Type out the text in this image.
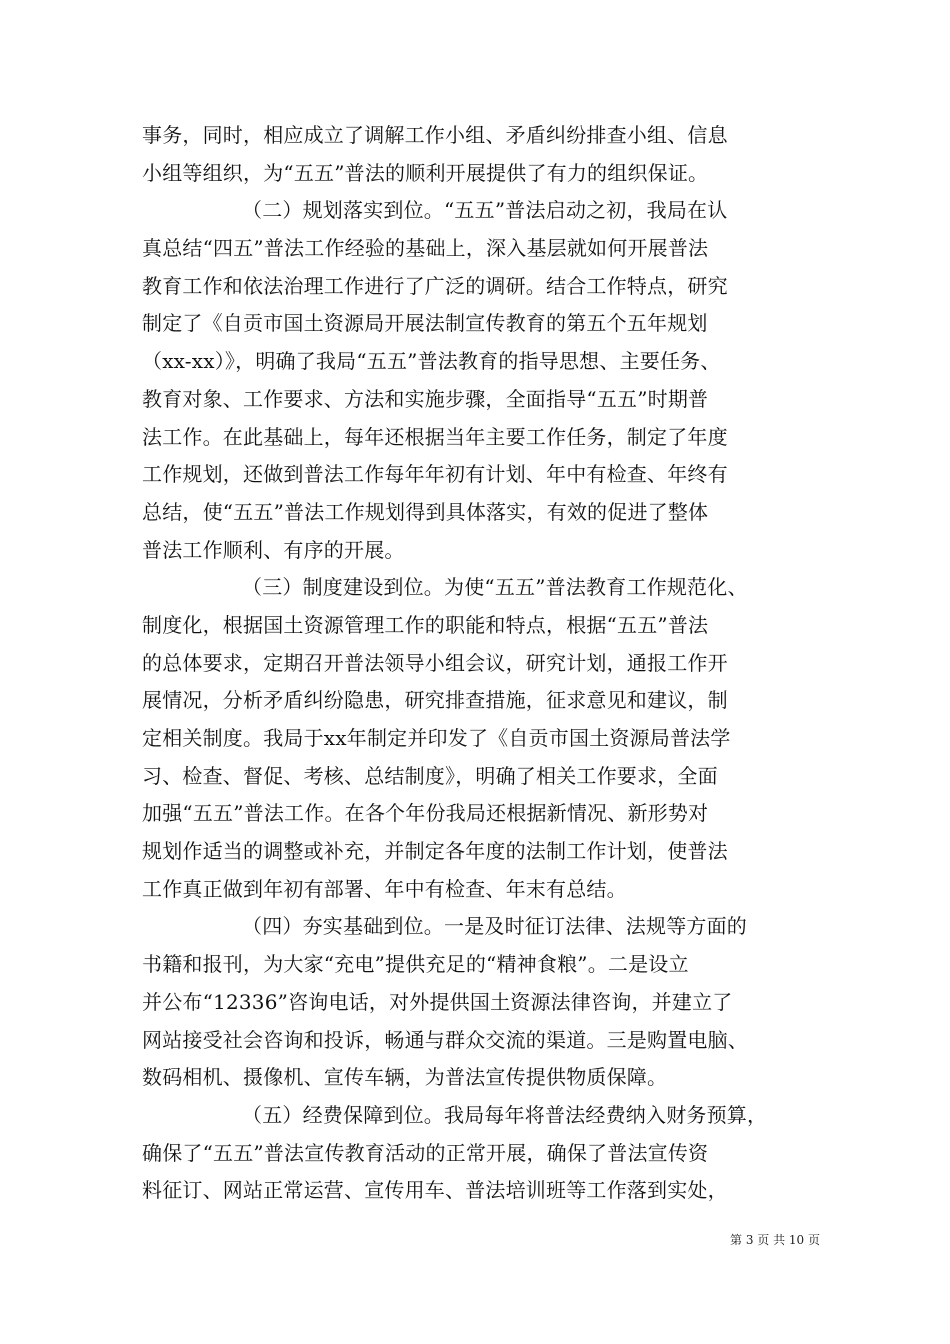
事务，同时，相应成立了调解工作小组、矛盾纠纷排查小组、信息
小组等组织，为“五五”普法的顺利开展提供了有力的组织保证。
（二）规划落实到位。“五五”普法启动之初，我局在认
真总结“四五”普法工作经验的基础上，深入基层就如何开展普法
教育工作和依法治理工作进行了广泛的调研。结合工作特点，研究
制定了《自贡市国土资源局开展法制宣传教育的第五个五年规划
（xx-xx）》，明确了我局“五五”普法教育的指导思想、主要任务、
教育对象、工作要求、方法和实施步骤，全面指导“五五”时期普
法工作。在此基础上，每年还根据当年主要工作任务，制定了年度
工作规划，还做到普法工作每年年初有计划、年中有检查、年终有
总结，使“五五”普法工作规划得到具体落实，有效的促进了整体
普法工作顺利、有序的开展。
（三）制度建设到位。为使“五五”普法教育工作规范化、
制度化，根据国土资源管理工作的职能和特点，根据“五五”普法
的总体要求，定期召开普法领导小组会议，研究计划，通报工作开
展情况，分析矛盾纠纷隐患，研究排查措施，征求意见和建议，制
定相关制度。我局于xx年制定并印发了《自贡市国土资源局普法学
习、检查、督促、考核、总结制度》，明确了相关工作要求，全面
加强“五五”普法工作。在各个年份我局还根据新情况、新形势对
规划作适当的调整或补充，并制定各年度的法制工作计划，使普法
工作真正做到年初有部署、年中有检查、年末有总结。
（四）夯实基础到位。一是及时征订法律、法规等方面的
书籍和报刊，为大家“充电”提供充足的“精神食粮”。二是设立
并公布“12336”咨询电话，对外提供国土资源法律咨询，并建立了
网站接受社会咨询和投诉，畅通与群众交流的渠道。三是购置电脑、
数码相机、摄像机、宣传车辆，为普法宣传提供物质保障。
（五）经费保障到位。我局每年将普法经费纳入财务预算，
确保了“五五”普法宣传教育活动的正常开展，确保了普法宣传资
料征订、网站正常运营、宣传用车、普法培训班等工作落到实处，
第 3 页 共 10 页
